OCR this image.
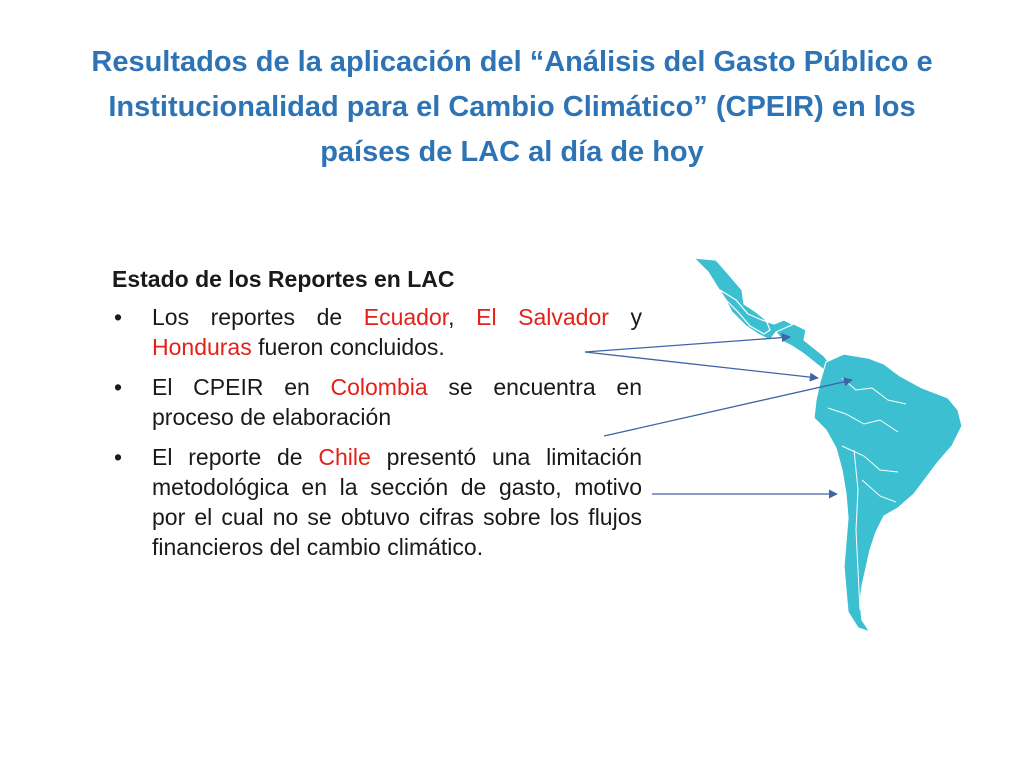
Resultados de la aplicación del “Análisis del Gasto Público e
Institucionalidad para el Cambio Climático” (CPEIR) en los
países de LAC al día de hoy
Estado de los Reportes en LAC
• Los reportes de Ecuador, El Salvador y Honduras fueron concluidos.
• El CPEIR en Colombia se encuentra en proceso de elaboración
• El reporte de Chile presentó una limitación metodológica en la sección de gasto, motivo por el cual no se obtuvo cifras sobre los flujos financieros del cambio climático.
